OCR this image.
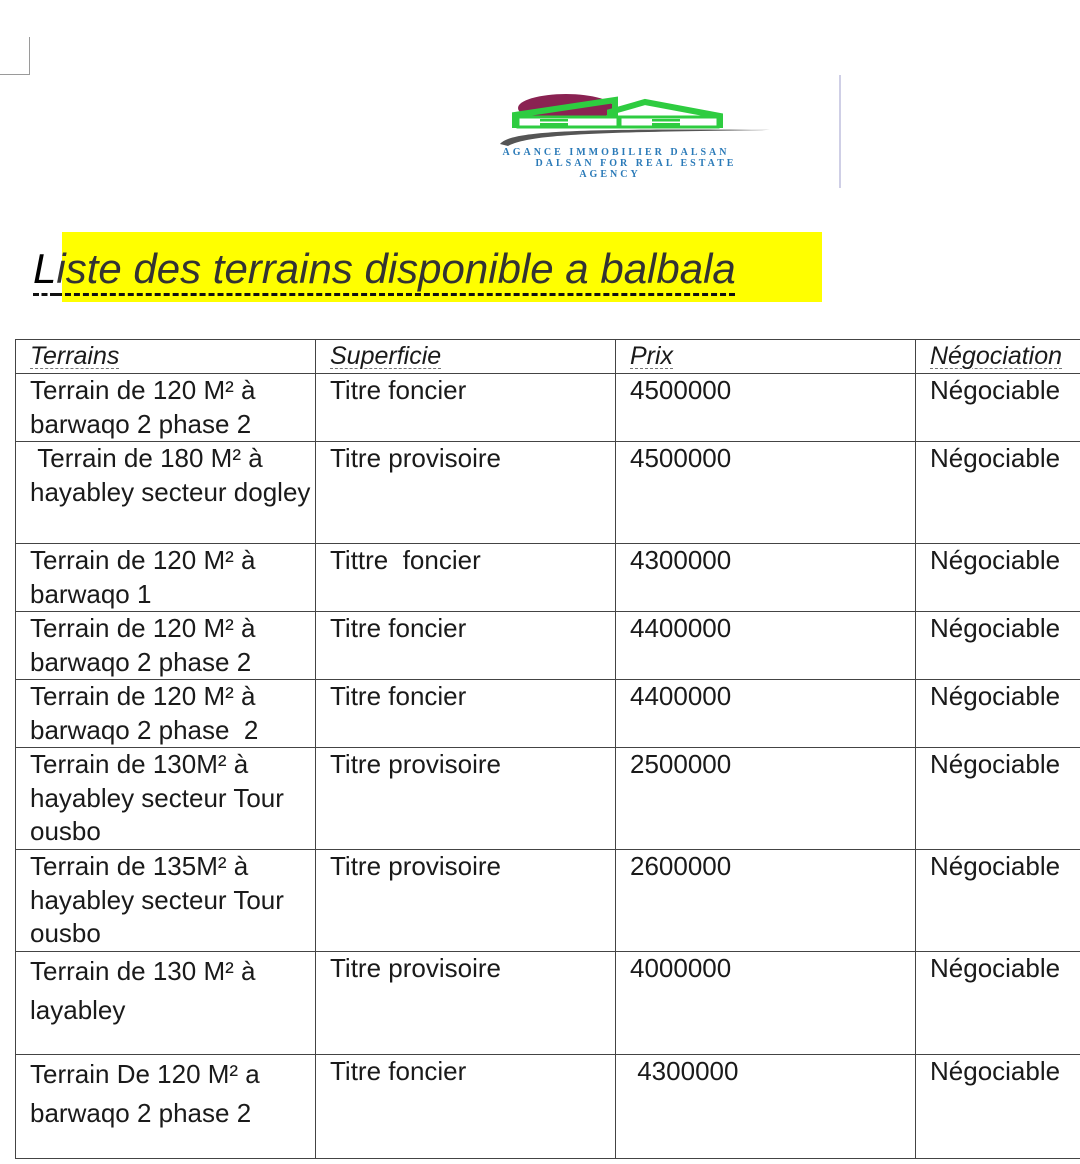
AGANCE IMMOBILIER DALSAN
DALSAN FOR REAL ESTATE
AGENCY
Liste des terrains disponible a balbala
Terrains	Superficie	Prix	Négociation
Terrain de 120 M² à barwaqo 2 phase 2	Titre foncier	4500000	Négociable
Terrain de 180 M² à hayabley secteur dogley	Titre provisoire	4500000	Négociable
Terrain de 120 M² à barwaqo 1	Tittre  foncier	4300000	Négociable
Terrain de 120 M² à barwaqo 2 phase 2	Titre foncier	4400000	Négociable
Terrain de 120 M² à barwaqo 2 phase  2	Titre foncier	4400000	Négociable
Terrain de 130M² à hayabley secteur Tour ousbo	Titre provisoire	2500000	Négociable
Terrain de 135M² à hayabley secteur Tour ousbo	Titre provisoire	2600000	Négociable
Terrain de 130 M² à layabley	Titre provisoire	4000000	Négociable
Terrain De 120 M² a barwaqo 2 phase 2	Titre foncier	4300000	Négociable
